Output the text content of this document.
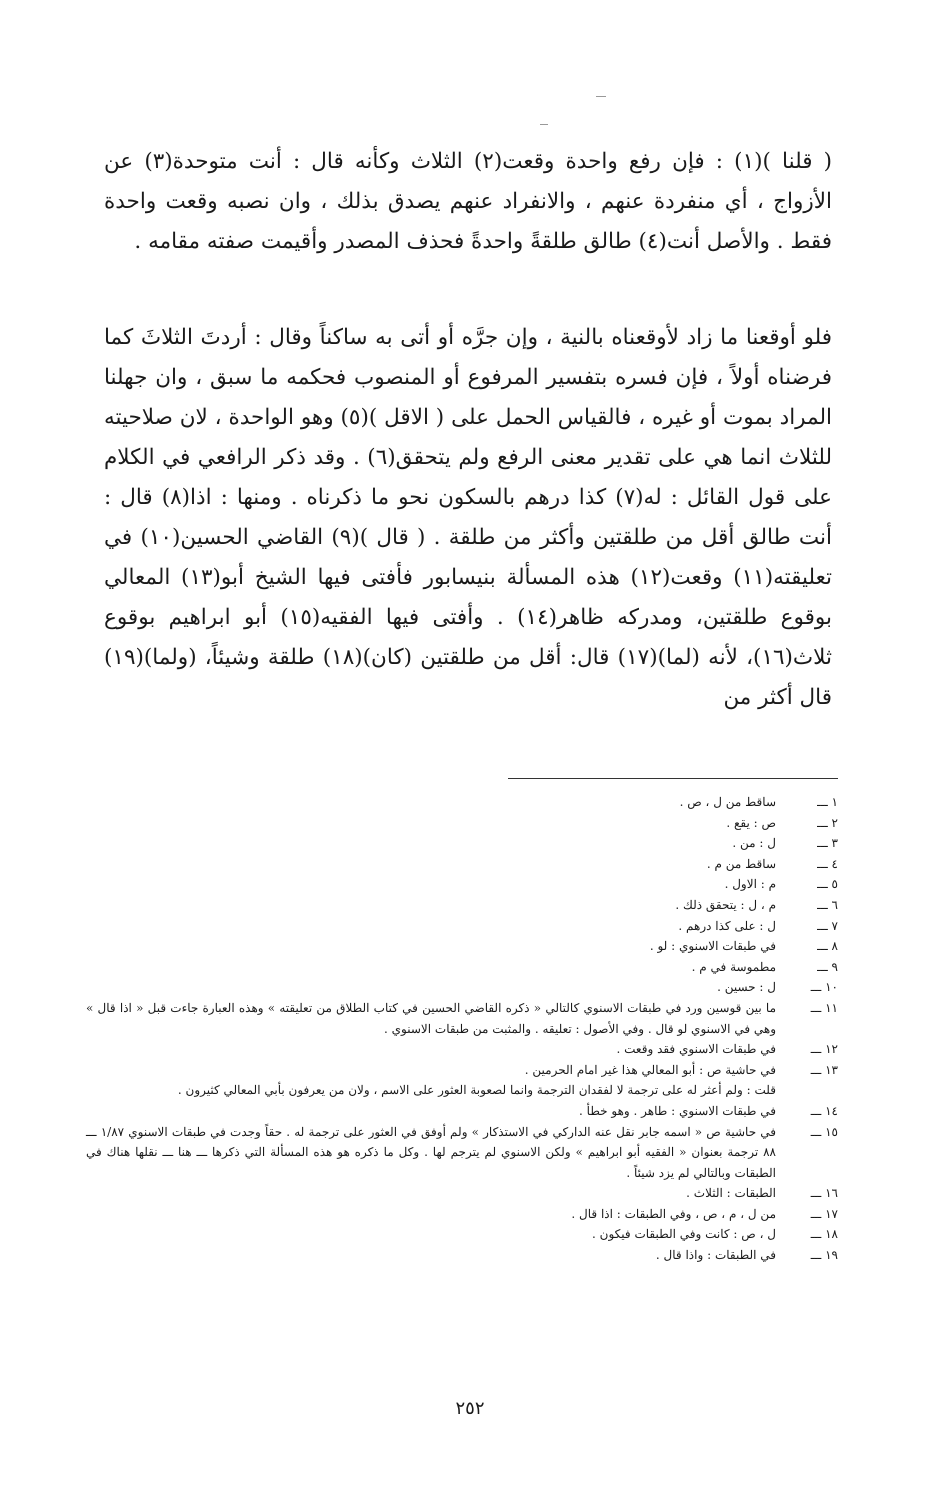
( قلنا )(١) : فإن رفع واحدة وقعت(٢) الثلاث وكأنه قال : أنت متوحدة(٣) عن الأزواج ، أي منفردة عنهم ، والانفراد عنهم يصدق بذلك ، وان نصبه وقعت واحدة فقط . والأصل أنت(٤) طالق طلقةً واحدةً فحذف المصدر وأقيمت صفته مقامه .

فلو أوقعنا ما زاد لأوقعناه بالنية ، وإن جرَّه أو أتى به ساكناً وقال : أردتَ الثلاثَ كما فرضناه أولاً ، فإن فسره بتفسير المرفوع أو المنصوب فحكمه ما سبق ، وان جهلنا المراد بموت أو غيره ، فالقياس الحمل على ( الاقل )(٥) وهو الواحدة ، لان صلاحيته للثلاث انما هي على تقدير معنى الرفع ولم يتحقق(٦) . وقد ذكر الرافعي في الكلام على قول القائل : له(٧) كذا درهم بالسكون نحو ما ذكرناه . ومنها : اذا(٨) قال : أنت طالق أقل من طلقتين وأكثر من طلقة . ( قال )(٩) القاضي الحسين(١٠) في تعليقته(١١) وقعت(١٢) هذه المسألة بنيسابور فأفتى فيها الشيخ أبو(١٣) المعالي بوقوع طلقتين، ومدركه ظاهر(١٤) . وأفتى فيها الفقيه(١٥) أبو ابراهيم بوقوع ثلاث(١٦)، لأنه (لما)(١٧) قال: أقل من طلقتين (كان)(١٨) طلقة وشيئاً، (ولما)(١٩) قال أكثر من

١ ـــ
ساقط من ل ، ص .
٢ ـــ
ص : يقع .
٣ ـــ
ل : من .
٤ ـــ
ساقط من م .
٥ ـــ
م : الاول .
٦ ـــ
م ، ل : يتحقق ذلك .
٧ ـــ
ل : على كذا درهم .
٨ ـــ
في طبقات الاسنوي : لو .
٩ ـــ
مطموسة في م .
١٠ ـــ
ل : حسين .
١١ ـــ
ما بين قوسين ورد في طبقات الاسنوي كالتالي « ذكره القاضي الحسين في كتاب الطلاق من تعليقته » وهذه العبارة جاءت قبل « اذا قال » وهي في الاسنوي لو قال . وفي الأصول : تعليقه . والمثبت من طبقات الاسنوي .
١٢ ـــ
في طبقات الاسنوي فقد وقعت .
١٣ ـــ
في حاشية ص : أبو المعالي هذا غير امام الحرمين .
قلت : ولم أعثر له على ترجمة لا لفقدان الترجمة وانما لصعوبة العثور على الاسم ، ولان من يعرفون بأبي المعالي كثيرون .
١٤ ـــ
في طبقات الاسنوي : طاهر . وهو خطأ .
١٥ ـــ
في حاشية ص « اسمه جابر نقل عنه الداركي في الاستذكار » ولم أوفق في العثور على ترجمة له . حقاً وجدت في طبقات الاسنوي ١/٨٧ ـــ ٨٨ ترجمة بعنوان « الفقيه أبو ابراهيم » ولكن الاسنوي لم يترجم لها . وكل ما ذكره هو هذه المسألة التي ذكرها ـــ هنا ـــ نقلها هناك في الطبقات وبالتالي لم يزد شيئاً .
١٦ ـــ
الطبقات : الثلاث .
١٧ ـــ
من ل ، م ، ص ، وفي الطبقات : اذا قال .
١٨ ـــ
ل ، ص : كانت وفي الطبقات فيكون .
١٩ ـــ
في الطبقات : واذا قال .
٢٥٢
